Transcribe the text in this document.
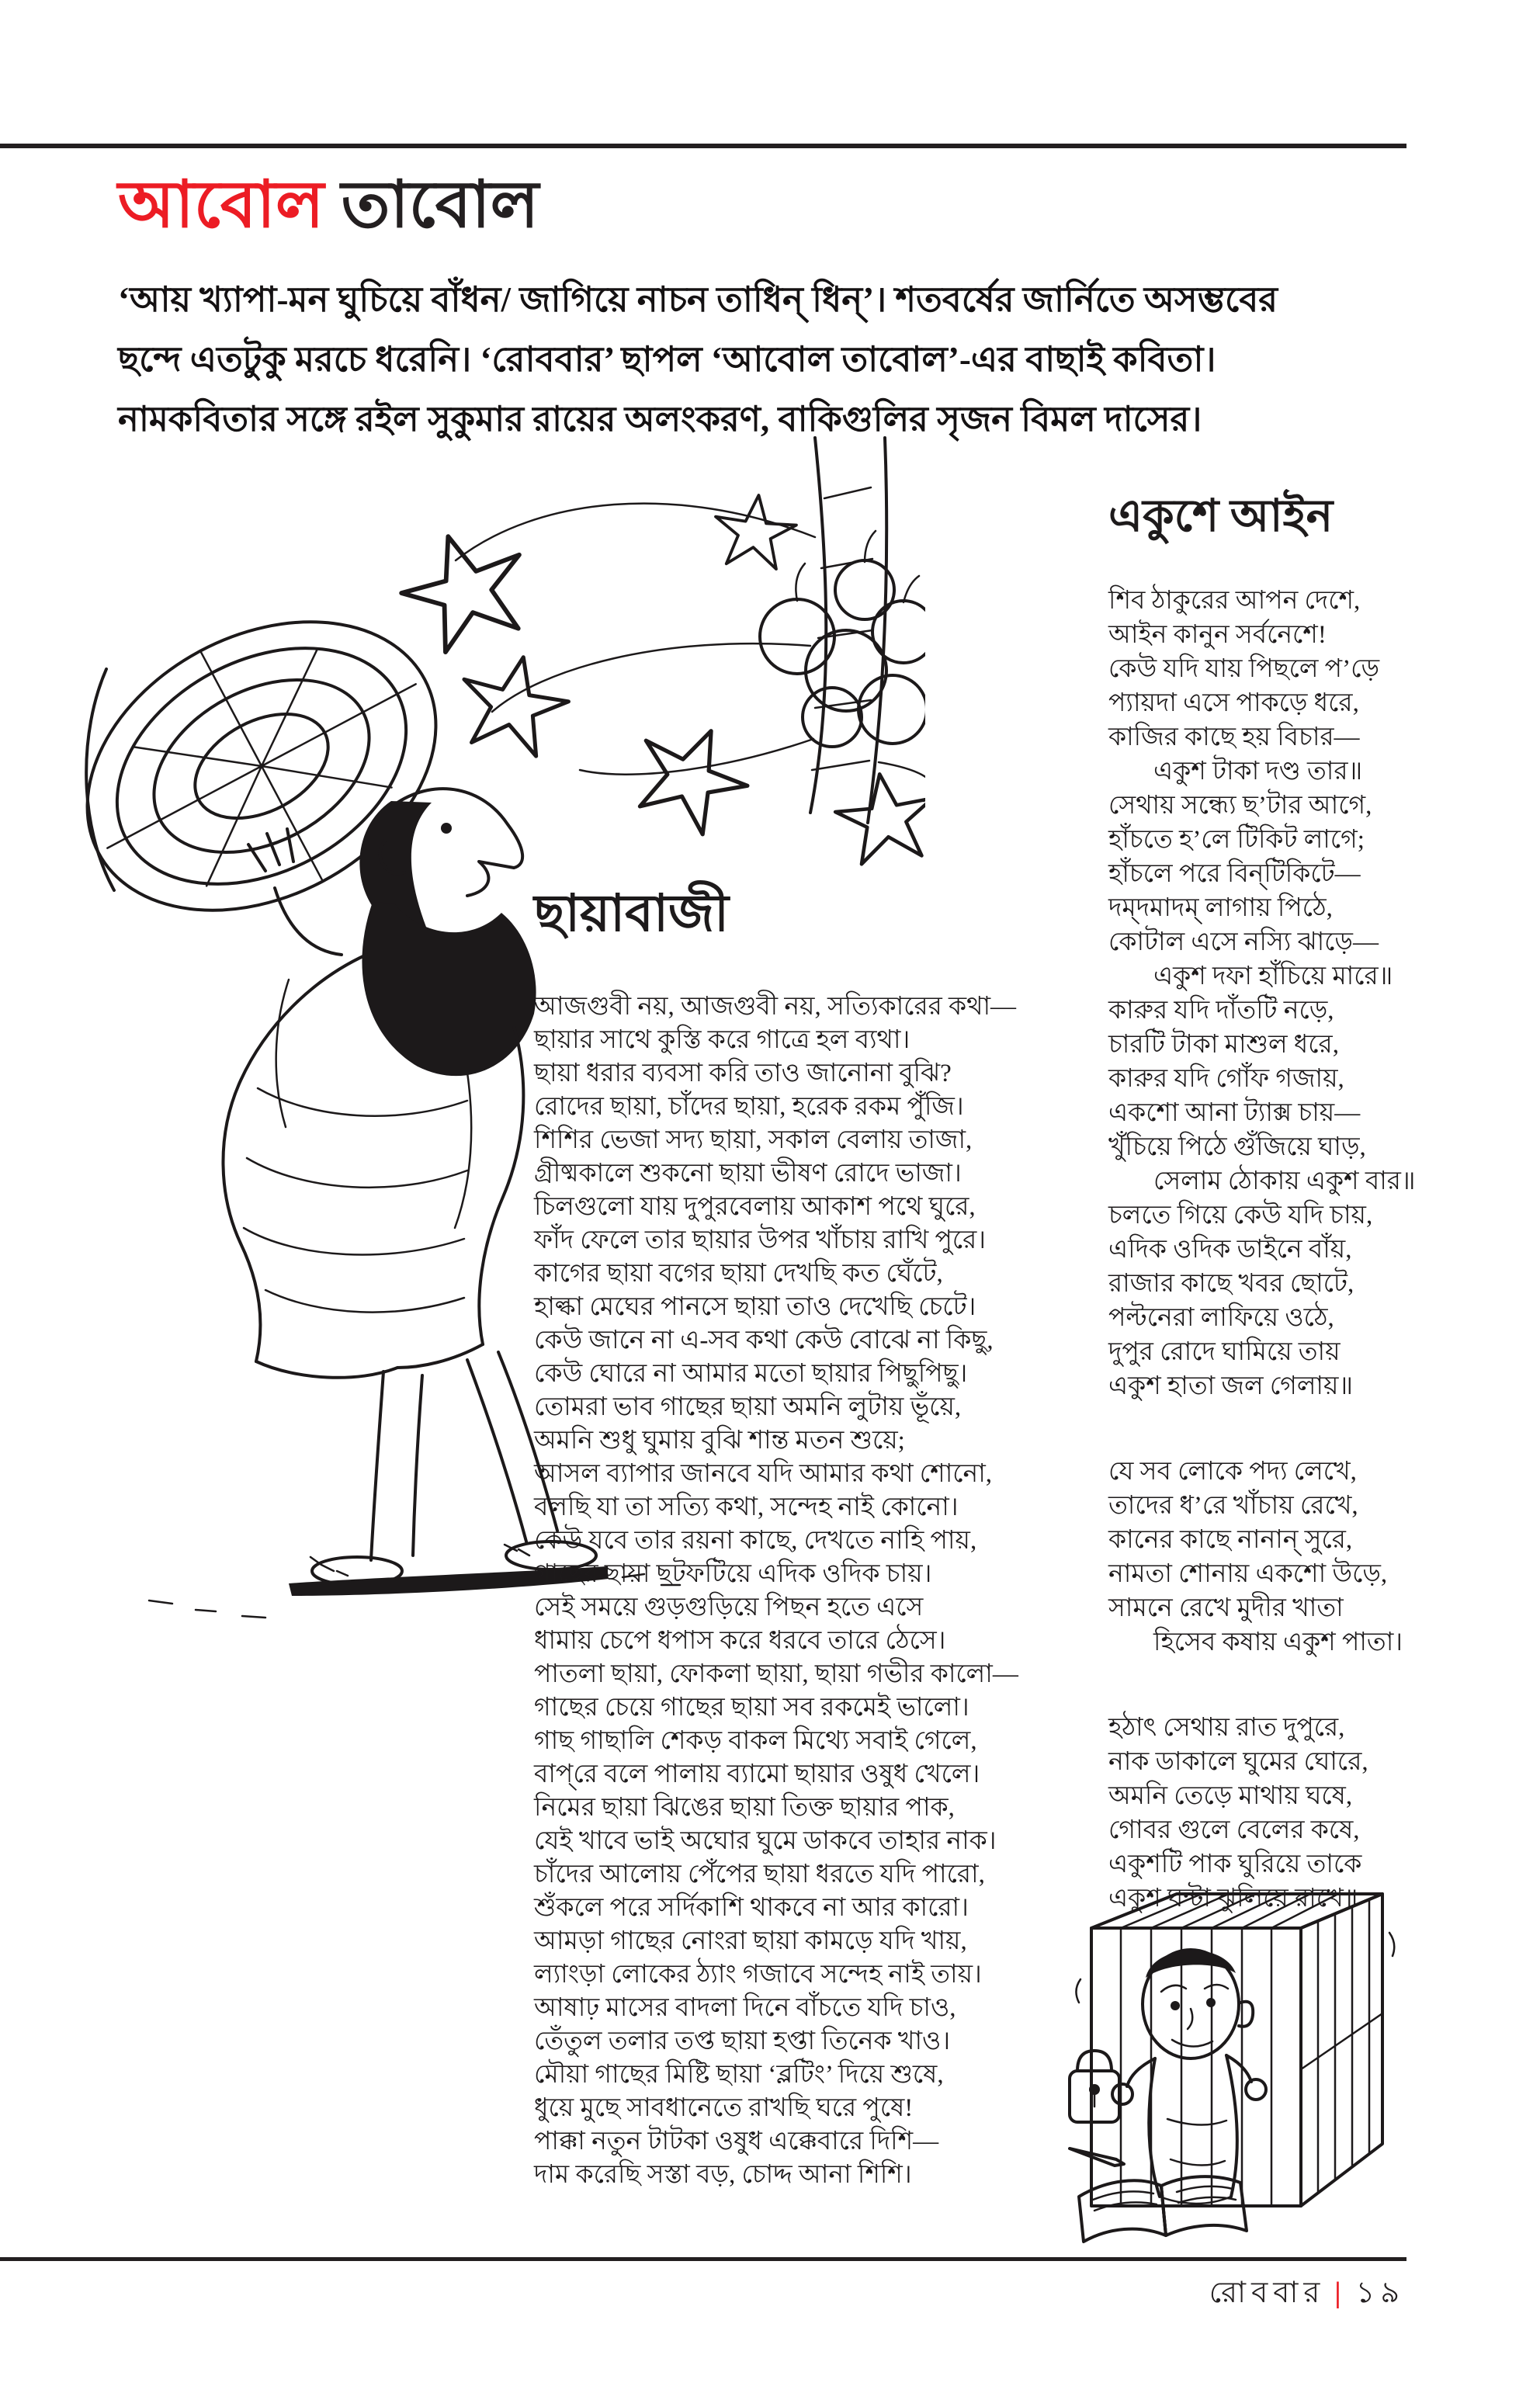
আবোল তাবোল
‘আয় খ্যাপা-মন ঘুচিয়ে বাঁধন/ জাগিয়ে নাচন তাধিন্ ধিন্’। শতবর্ষের জার্নিতে অসম্ভবের
ছন্দে এতটুকু মরচে ধরেনি। ‘রোববার’ ছাপল ‘আবোল তাবোল’-এর বাছাই কবিতা।
নামকবিতার সঙ্গে রইল সুকুমার রায়ের অলংকরণ, বাকিগুলির সৃজন বিমল দাসের।
ছায়াবাজী
আজগুবী নয়, আজগুবী নয়, সত্যিকারের কথা—
ছায়ার সাথে কুস্তি করে গাত্রে হল ব্যথা।
ছায়া ধরার ব্যবসা করি তাও জানোনা বুঝি?
রোদের ছায়া, চাঁদের ছায়া, হরেক রকম পুঁজি।
শিশির ভেজা সদ্য ছায়া, সকাল বেলায় তাজা,
গ্রীষ্মকালে শুকনো ছায়া ভীষণ রোদে ভাজা।
চিলগুলো যায় দুপুরবেলায় আকাশ পথে ঘুরে,
ফাঁদ ফেলে তার ছায়ার উপর খাঁচায় রাখি পুরে।
কাগের ছায়া বগের ছায়া দেখছি কত ঘেঁটে,
হাল্কা মেঘের পানসে ছায়া তাও দেখেছি চেটে।
কেউ জানে না এ-সব কথা কেউ বোঝে না কিছু,
কেউ ঘোরে না আমার মতো ছায়ার পিছুপিছু।
তোমরা ভাব গাছের ছায়া অমনি লুটায় ভূঁয়ে,
অমনি শুধু ঘুমায় বুঝি শান্ত মতন শুয়ে;
আসল ব্যাপার জানবে যদি আমার কথা শোনো,
বলছি যা তা সত্যি কথা, সন্দেহ নাই কোনো।
কেউ যবে তার রয়না কাছে, দেখতে নাহি পায়,
গাছের ছায়া ছটফটিয়ে এদিক ওদিক চায়।
সেই সময়ে গুড়গুড়িয়ে পিছন হতে এসে
ধামায় চেপে ধপাস করে ধরবে তারে ঠেসে।
পাতলা ছায়া, ফোকলা ছায়া, ছায়া গভীর কালো—
গাছের চেয়ে গাছের ছায়া সব রকমেই ভালো।
গাছ গাছালি শেকড় বাকল মিথ্যে সবাই গেলে,
বাপ্‌রে বলে পালায় ব্যামো ছায়ার ওষুধ খেলে।
নিমের ছায়া ঝিঙের ছায়া তিক্ত ছায়ার পাক,
যেই খাবে ভাই অঘোর ঘুমে ডাকবে তাহার নাক।
চাঁদের আলোয় পেঁপের ছায়া ধরতে যদি পারো,
শুঁকলে পরে সর্দিকাশি থাকবে না আর কারো।
আমড়া গাছের নোংরা ছায়া কামড়ে যদি খায়,
ল্যাংড়া লোকের ঠ্যাং গজাবে সন্দেহ নাই তায়।
আষাঢ় মাসের বাদলা দিনে বাঁচতে যদি চাও,
তেঁতুল তলার তপ্ত ছায়া হপ্তা তিনেক খাও।
মৌয়া গাছের মিষ্টি ছায়া ‘ব্লটিং’ দিয়ে শুষে,
ধুয়ে মুছে সাবধানেতে রাখছি ঘরে পুষে!
পাক্কা নতুন টাটকা ওষুধ এক্কেবারে দিশি—
দাম করেছি সস্তা বড়, চোদ্দ আনা শিশি।
একুশে আইন
শিব ঠাকুরের আপন দেশে,
আইন কানুন সর্বনেশে!
কেউ যদি যায় পিছলে প’ড়ে
প্যায়দা এসে পাকড়ে ধরে,
কাজির কাছে হয় বিচার—
একুশ টাকা দণ্ড তার॥
সেথায় সন্ধ্যে ছ’টার আগে,
হাঁচতে হ’লে টিকিট লাগে;
হাঁচলে পরে বিন্‌টিকিটে—
দম্‌দমাদম্‌ লাগায় পিঠে,
কোটাল এসে নস্যি ঝাড়ে—
একুশ দফা হাঁচিয়ে মারে॥
কারুর যদি দাঁতটি নড়ে,
চারটি টাকা মাশুল ধরে,
কারুর যদি গোঁফ গজায়,
একশো আনা ট্যাক্স চায়—
খুঁচিয়ে পিঠে গুঁজিয়ে ঘাড়,
সেলাম ঠোকায় একুশ বার॥
চলতে গিয়ে কেউ যদি চায়,
এদিক ওদিক ডাইনে বাঁয়,
রাজার কাছে খবর ছোটে,
পল্টনেরা লাফিয়ে ওঠে,
দুপুর রোদে ঘামিয়ে তায়
একুশ হাতা জল গেলায়॥
যে সব লোকে পদ্য লেখে,
তাদের ধ’রে খাঁচায় রেখে,
কানের কাছে নানান্‌ সুরে,
নামতা শোনায় একশো উড়ে,
সামনে রেখে মুদীর খাতা
হিসেব কষায় একুশ পাতা।
হঠাৎ সেথায় রাত দুপুরে,
নাক ডাকালে ঘুমের ঘোরে,
অমনি তেড়ে মাথায় ঘষে,
গোবর গুলে বেলের কষে,
একুশটি পাক ঘুরিয়ে তাকে
একুশ ঘন্টা ঝুলিয়ে রাখে॥
রোববার | ১৯
